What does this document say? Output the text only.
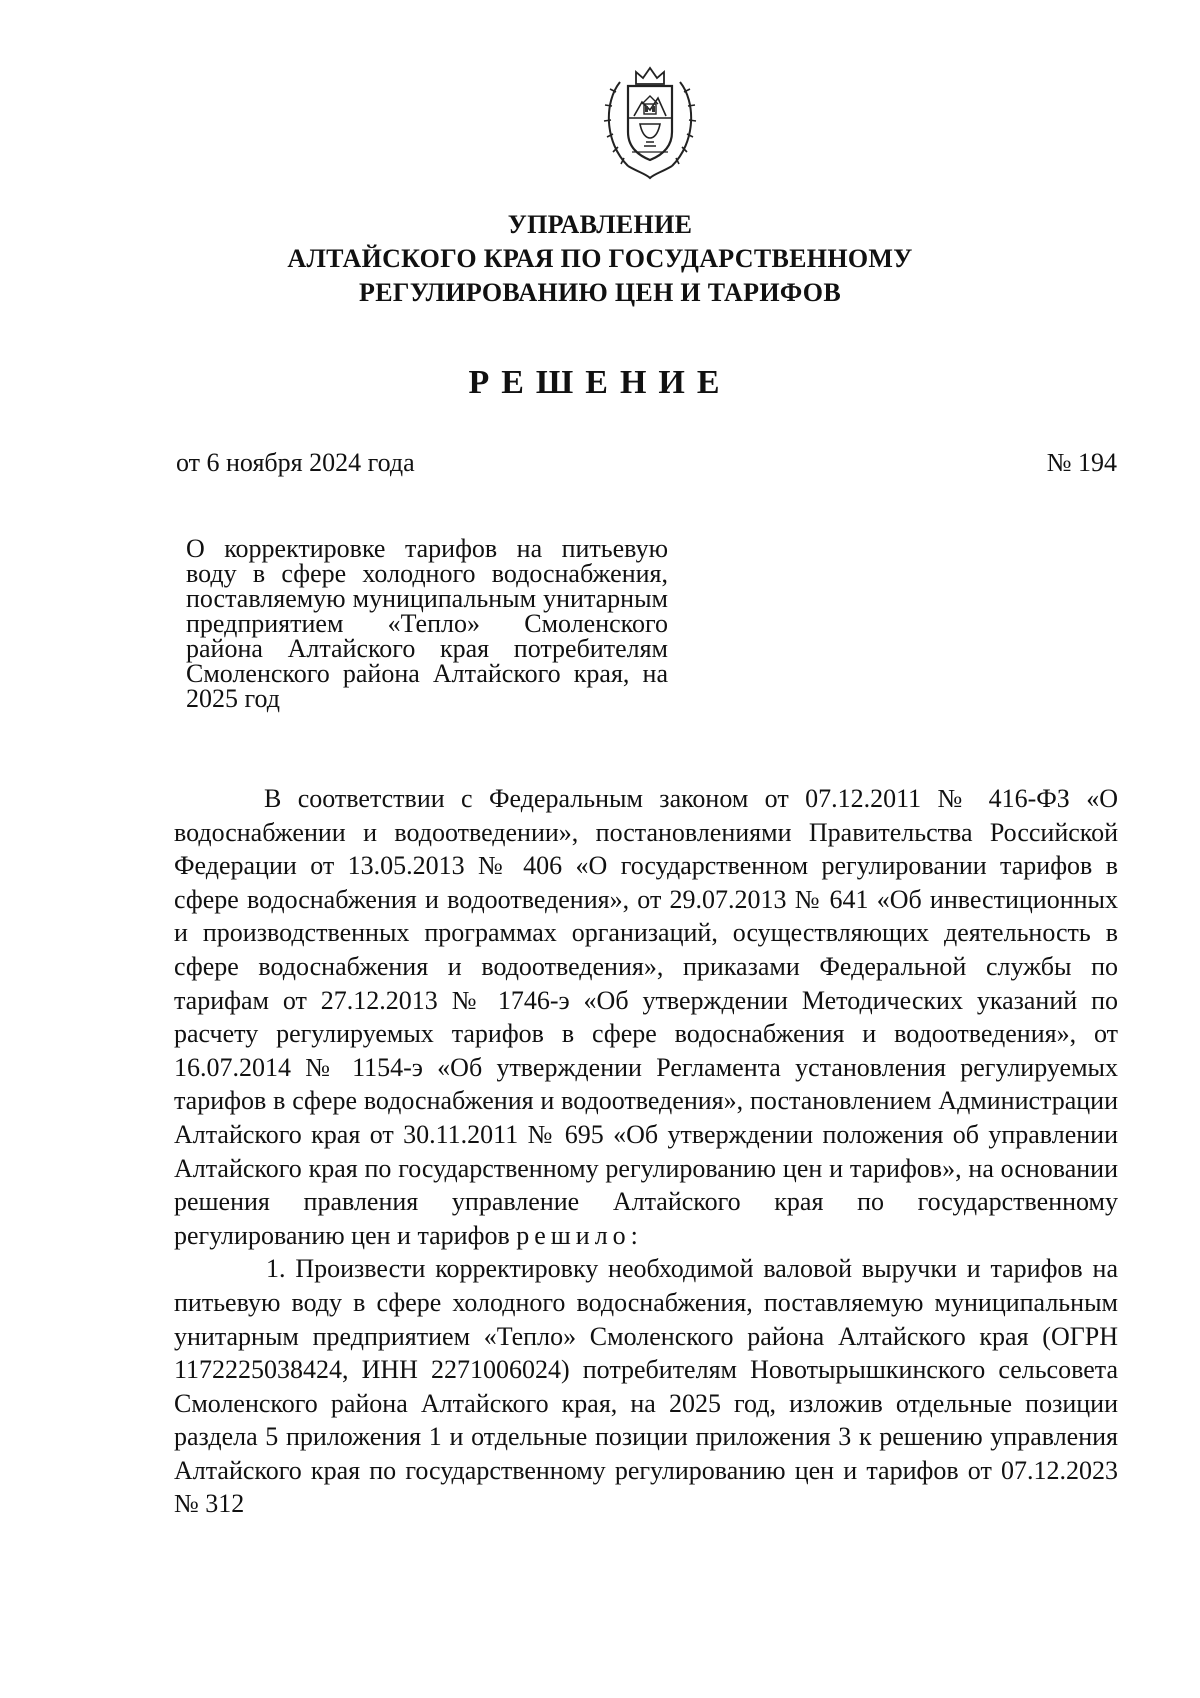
УПРАВЛЕНИЕ
АЛТАЙСКОГО КРАЯ ПО ГОСУДАРСТВЕННОМУ
РЕГУЛИРОВАНИЮ ЦЕН И ТАРИФОВ
РЕШЕНИЕ
от 6 ноября 2024 года	№ 194
О корректировке тарифов на питьевую воду в сфере холодного водоснабжения, поставляемую муниципальным унитарным предприятием «Тепло» Смоленского района Алтайского края потребителям Смоленского района Алтайского края, на 2025 год

В соответствии с Федеральным законом от 07.12.2011 № 416-ФЗ «О водоснабжении и водоотведении», постановлениями Правительства Российской Федерации от 13.05.2013 № 406 «О государственном регулировании тарифов в сфере водоснабжения и водоотведения», от 29.07.2013 № 641 «Об инвестиционных и производственных программах организаций, осуществляющих деятельность в сфере водоснабжения и водоотведения», приказами Федеральной службы по тарифам от 27.12.2013 № 1746-э «Об утверждении Методических указаний по расчету регулируемых тарифов в сфере водоснабжения и водоотведения», от 16.07.2014 № 1154-э «Об утверждении Регламента установления регулируемых тарифов в сфере водоснабжения и водоотведения», постановлением Администрации Алтайского края от 30.11.2011 № 695 «Об утверждении положения об управлении Алтайского края по государственному регулированию цен и тарифов», на основании решения правления управление Алтайского края по государственному регулированию цен и тарифов решило:

1. Произвести корректировку необходимой валовой выручки и тарифов на питьевую воду в сфере холодного водоснабжения, поставляемую муниципальным унитарным предприятием «Тепло» Смоленского района Алтайского края (ОГРН 1172225038424, ИНН 2271006024) потребителям Новотырышкинского сельсовета Смоленского района Алтайского края, на 2025 год, изложив отдельные позиции раздела 5 приложения 1 и отдельные позиции приложения 3 к решению управления Алтайского края по государственному регулированию цен и тарифов от 07.12.2023 № 312
